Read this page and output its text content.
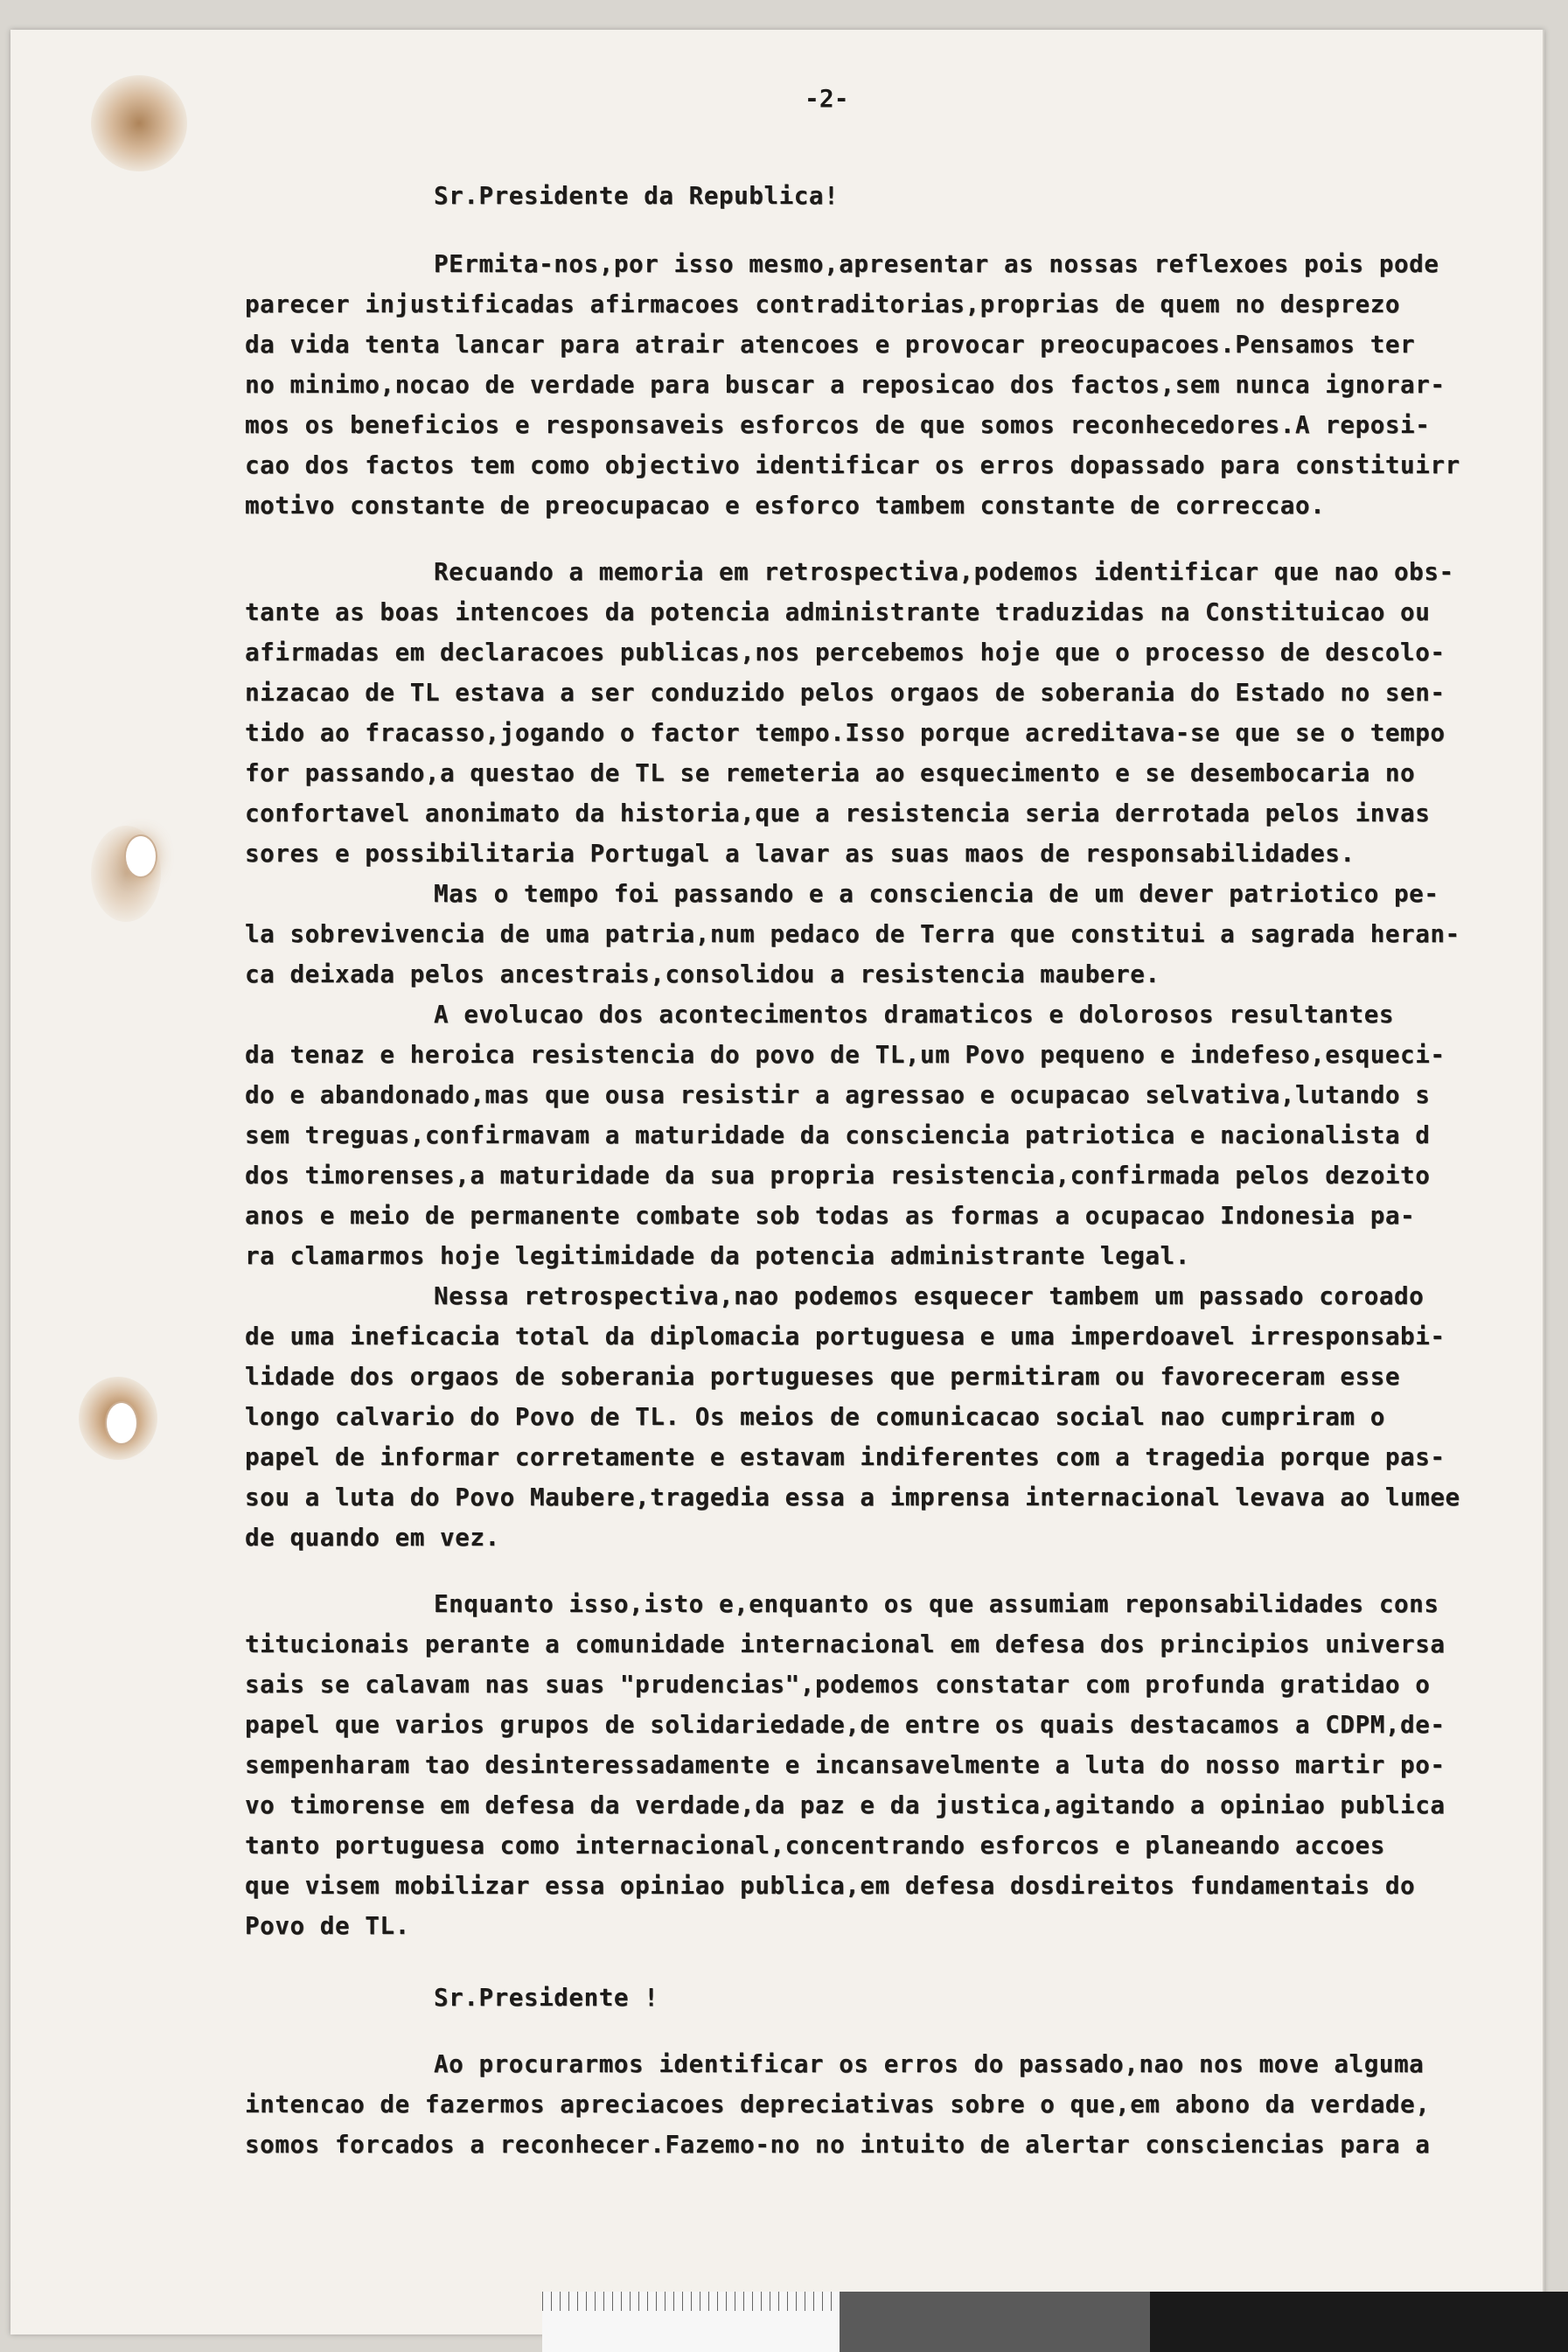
-2-
Sr.Presidente da Republica!
PErmita-nos,por isso mesmo,apresentar as nossas reflexoes pois pode
parecer injustificadas afirmacoes contraditorias,proprias de quem no desprezo
da vida tenta lancar para atrair atencoes e provocar preocupacoes.Pensamos ter
no minimo,nocao de verdade para buscar a reposicao dos factos,sem nunca ignorar-
mos os beneficios e responsaveis esforcos de que somos reconhecedores.A reposi-
cao dos factos tem como objectivo identificar os erros dopassado para constituirr
motivo constante de preocupacao e esforco tambem constante de correccao.
Recuando a memoria em retrospectiva,podemos identificar que nao obs-
tante as boas intencoes da potencia administrante traduzidas na Constituicao ou
afirmadas em declaracoes publicas,nos percebemos hoje que o processo de descolo-
nizacao de TL estava a ser conduzido pelos orgaos de soberania do Estado no sen-
tido ao fracasso,jogando o factor tempo.Isso porque acreditava-se que se o tempo
for passando,a questao de TL se remeteria ao esquecimento e se desembocaria no
confortavel anonimato da historia,que a resistencia seria derrotada pelos invas
sores e possibilitaria Portugal a lavar as suas maos de responsabilidades.
Mas o tempo foi passando e a consciencia de um dever patriotico pe-
la sobrevivencia de uma patria,num pedaco de Terra que constitui a sagrada heran-
ca deixada pelos ancestrais,consolidou a resistencia maubere.
A evolucao dos acontecimentos dramaticos e dolorosos resultantes
da tenaz e heroica resistencia do povo de TL,um Povo pequeno e indefeso,esqueci-
do e abandonado,mas que ousa resistir a agressao e ocupacao selvativa,lutando s
sem treguas,confirmavam a maturidade da consciencia patriotica e nacionalista d
dos timorenses,a maturidade da sua propria resistencia,confirmada pelos dezoito
anos e meio de permanente combate sob todas as formas a ocupacao Indonesia pa-
ra clamarmos hoje legitimidade da potencia administrante legal.
Nessa retrospectiva,nao podemos esquecer tambem um passado coroado
de uma ineficacia total da diplomacia portuguesa e uma imperdoavel irresponsabi-
lidade dos orgaos de soberania portugueses que permitiram ou favoreceram esse
longo calvario do Povo de TL. Os meios de comunicacao social nao cumpriram o
papel de informar corretamente e estavam indiferentes com a tragedia porque pas-
sou a luta do Povo Maubere,tragedia essa a imprensa internacional levava ao lumee
de quando em vez.
Enquanto isso,isto e,enquanto os que assumiam reponsabilidades cons
titucionais perante a comunidade internacional em defesa dos principios universa
sais se calavam nas suas "prudencias",podemos constatar com profunda gratidao o
papel que varios grupos de solidariedade,de entre os quais destacamos a CDPM,de-
sempenharam tao desinteressadamente e incansavelmente a luta do nosso martir po-
vo timorense em defesa da verdade,da paz e da justica,agitando a opiniao publica
tanto portuguesa como internacional,concentrando esforcos e planeando accoes
que visem mobilizar essa opiniao publica,em defesa dosdireitos fundamentais do
Povo de TL.
Sr.Presidente !
Ao procurarmos identificar os erros do passado,nao nos move alguma
intencao de fazermos apreciacoes depreciativas sobre o que,em abono da verdade,
somos forcados a reconhecer.Fazemo-no no intuito de alertar consciencias para a
